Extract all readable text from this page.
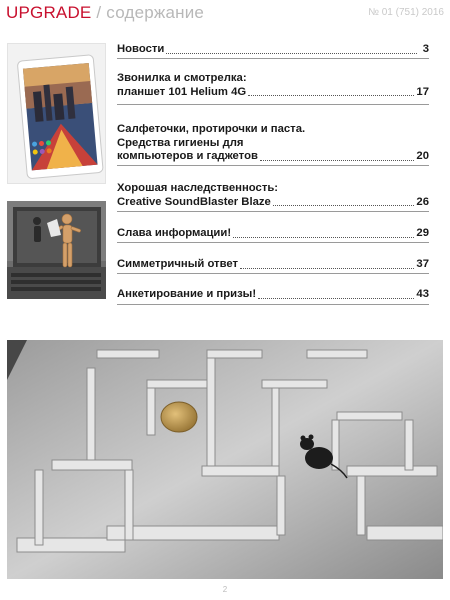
UPGRADE / содержание	№ 01 (751) 2016
Новости	3
Звонилка и смотрелка:
планшет 101 Helium 4G	17
Салфеточки, протирочки и паста.
Средства гигиены для
компьютеров и гаджетов	20
Хорошая наследственность:
Creative SoundBlaster Blaze	26
Слава информации!	29
Симметричный ответ	37
Анкетирование и призы!	43
2
